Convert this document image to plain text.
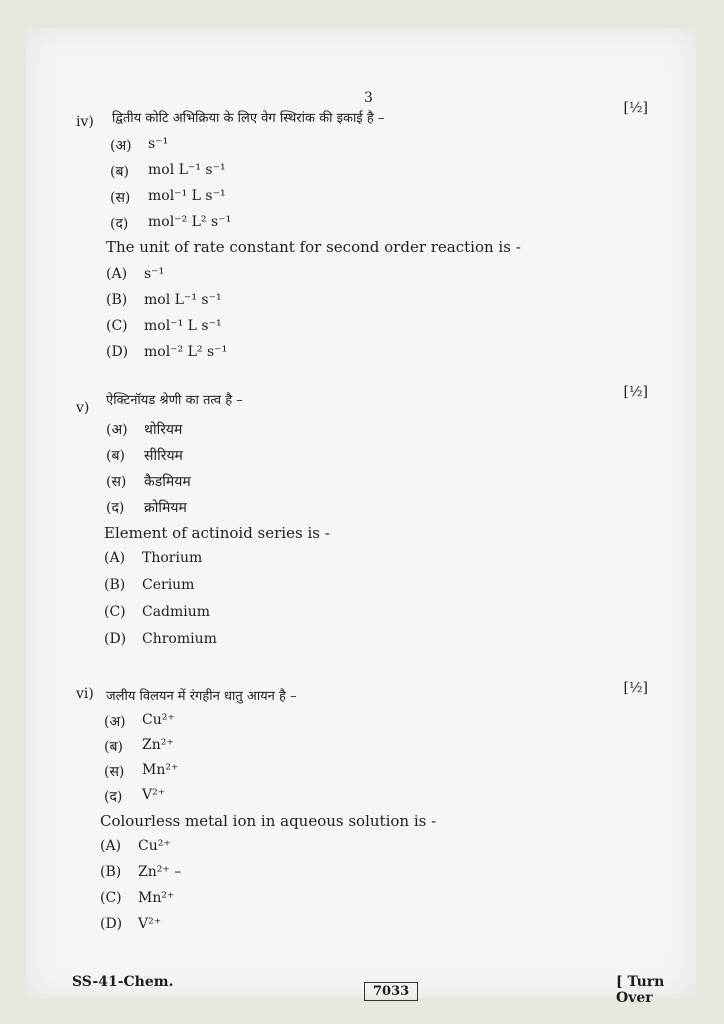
3
iv) द्वितीय कोटि अभिक्रिया के लिए वेग स्थिरांक की इकाई है –
[½]
(अ)	s⁻¹
(ब)	mol L⁻¹ s⁻¹
(स)	mol⁻¹ L s⁻¹
(द)	mol⁻² L² s⁻¹
The unit of rate constant for second order reaction is -
(A)	s⁻¹
(B)	mol L⁻¹ s⁻¹
(C)	mol⁻¹ L s⁻¹
(D)	mol⁻² L² s⁻¹
v) ऐक्टिनॉयड श्रेणी का तत्व है –
[½]
(अ)	थोरियम
(ब)	सीरियम
(स)	कैडमियम
(द)	क्रोमियम
Element of actinoid series is -
(A)	Thorium
(B)	Cerium
(C)	Cadmium
(D)	Chromium
vi) जलीय विलयन में रंगहीन धातु आयन है –
[½]
(अ)	Cu²⁺
(ब)	Zn²⁺
(स)	Mn²⁺
(द)	V²⁺
Colourless metal ion in aqueous solution is -
(A)	Cu²⁺
(B)	Zn²⁺ –
(C)	Mn²⁺
(D)	V²⁺
SS-41-Chem.
7033
[ Turn Over
